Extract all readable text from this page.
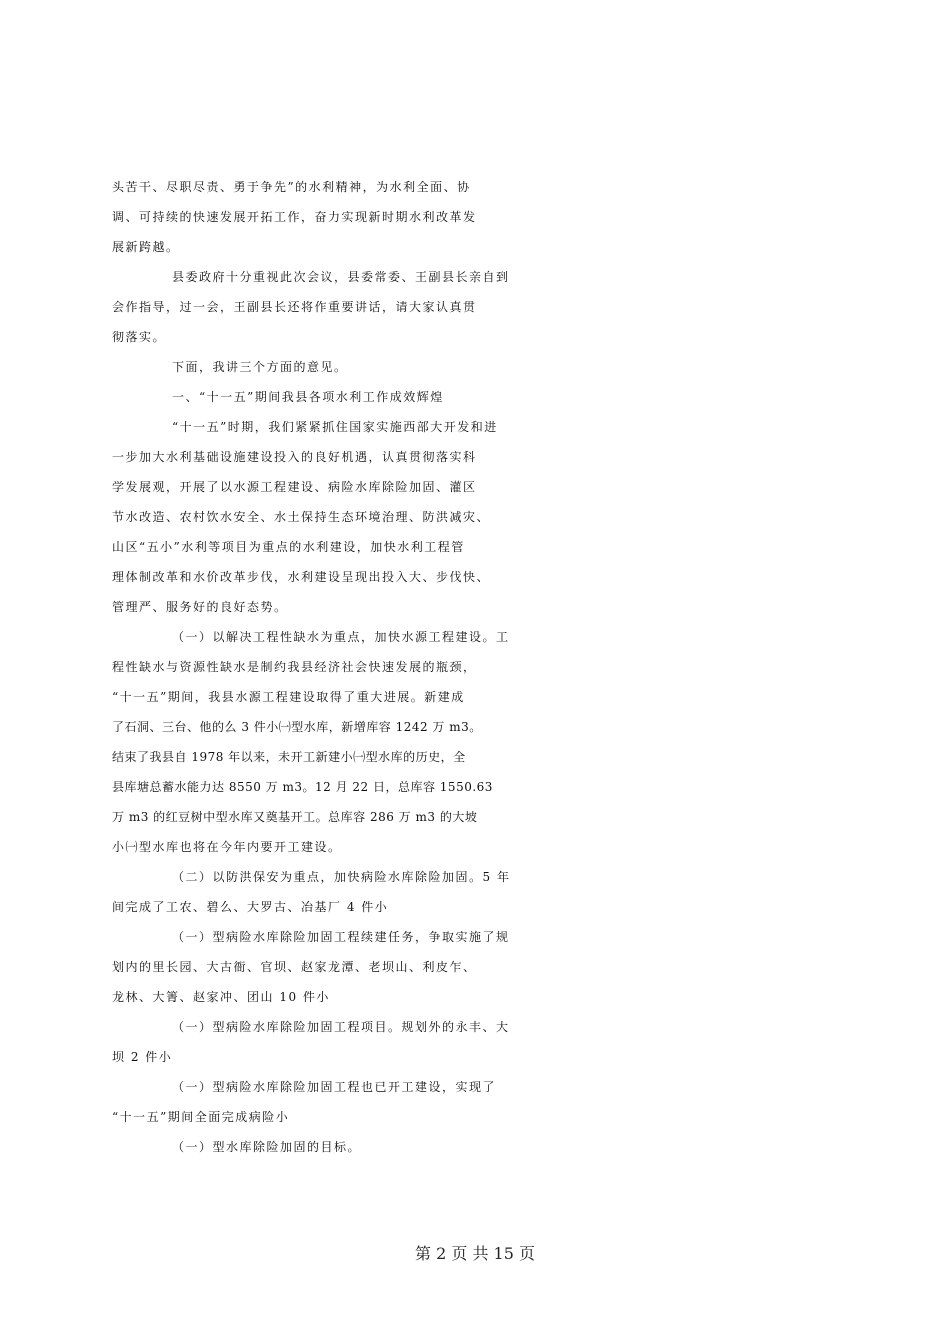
头苦干、尽职尽责、勇于争先”的水利精神，为水利全面、协
调、可持续的快速发展开拓工作，奋力实现新时期水利改革发
展新跨越。
县委政府十分重视此次会议，县委常委、王副县长亲自到
会作指导，过一会，王副县长还将作重要讲话，请大家认真贯
彻落实。
下面，我讲三个方面的意见。
一、“十一五”期间我县各项水利工作成效辉煌
“十一五”时期，我们紧紧抓住国家实施西部大开发和进
一步加大水利基础设施建设投入的良好机遇，认真贯彻落实科
学发展观，开展了以水源工程建设、病险水库除险加固、灌区
节水改造、农村饮水安全、水土保持生态环境治理、防洪减灾、
山区“五小”水利等项目为重点的水利建设，加快水利工程管
理体制改革和水价改革步伐，水利建设呈现出投入大、步伐快、
管理严、服务好的良好态势。
（一）以解决工程性缺水为重点，加快水源工程建设。工
程性缺水与资源性缺水是制约我县经济社会快速发展的瓶颈，
“十一五”期间，我县水源工程建设取得了重大进展。新建成
了石洞、三台、他的么 3 件小㈠型水库，新增库容 1242 万 m3。
结束了我县自 1978 年以来，未开工新建小㈠型水库的历史，全
县库塘总蓄水能力达 8550 万 m3。12 月 22 日，总库容 1550.63
万 m3 的红豆树中型水库又奠基开工。总库容 286 万 m3 的大坡
小㈠型水库也将在今年内要开工建设。
（二）以防洪保安为重点，加快病险水库除险加固。5 年
间完成了工农、碧么、大罗古、冶基厂 4 件小
（一）型病险水库除险加固工程续建任务，争取实施了规
划内的里长园、大古衙、官坝、赵家龙潭、老坝山、利皮乍、
龙林、大箐、赵家冲、团山 10 件小
（一）型病险水库除险加固工程项目。规划外的永丰、大
坝 2 件小
（一）型病险水库除险加固工程也已开工建设，实现了
“十一五”期间全面完成病险小
（一）型水库除险加固的目标。
第 2 页 共 15 页
